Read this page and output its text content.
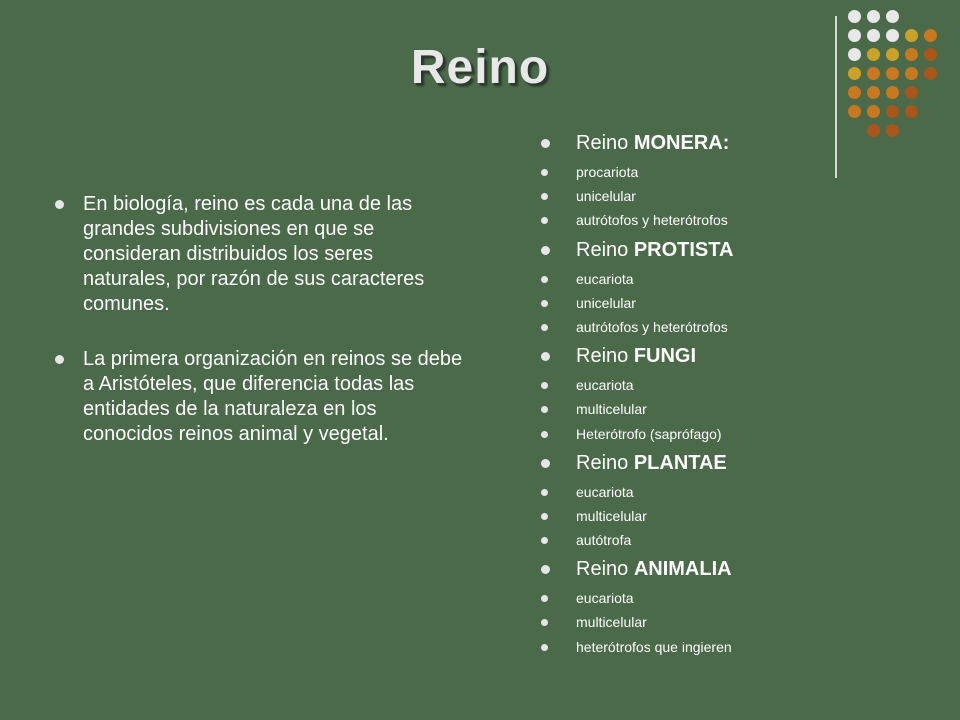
Reino
En biología, reino es cada una de las grandes subdivisiones en que se consideran distribuidos los seres naturales, por razón de sus caracteres comunes.
La primera organización en reinos se debe a Aristóteles, que diferencia todas las entidades de la naturaleza en los conocidos reinos animal y vegetal.
Reino MONERA:
procariota
unicelular
autrótofos y heterótrofos
Reino PROTISTA
eucariota
unicelular
autrótofos y heterótrofos
Reino FUNGI
eucariota
multicelular
Heterótrofo (saprófago)
Reino PLANTAE
eucariota
multicelular
autótrofa
Reino ANIMALIA
eucariota
multicelular
heterótrofos que ingieren
